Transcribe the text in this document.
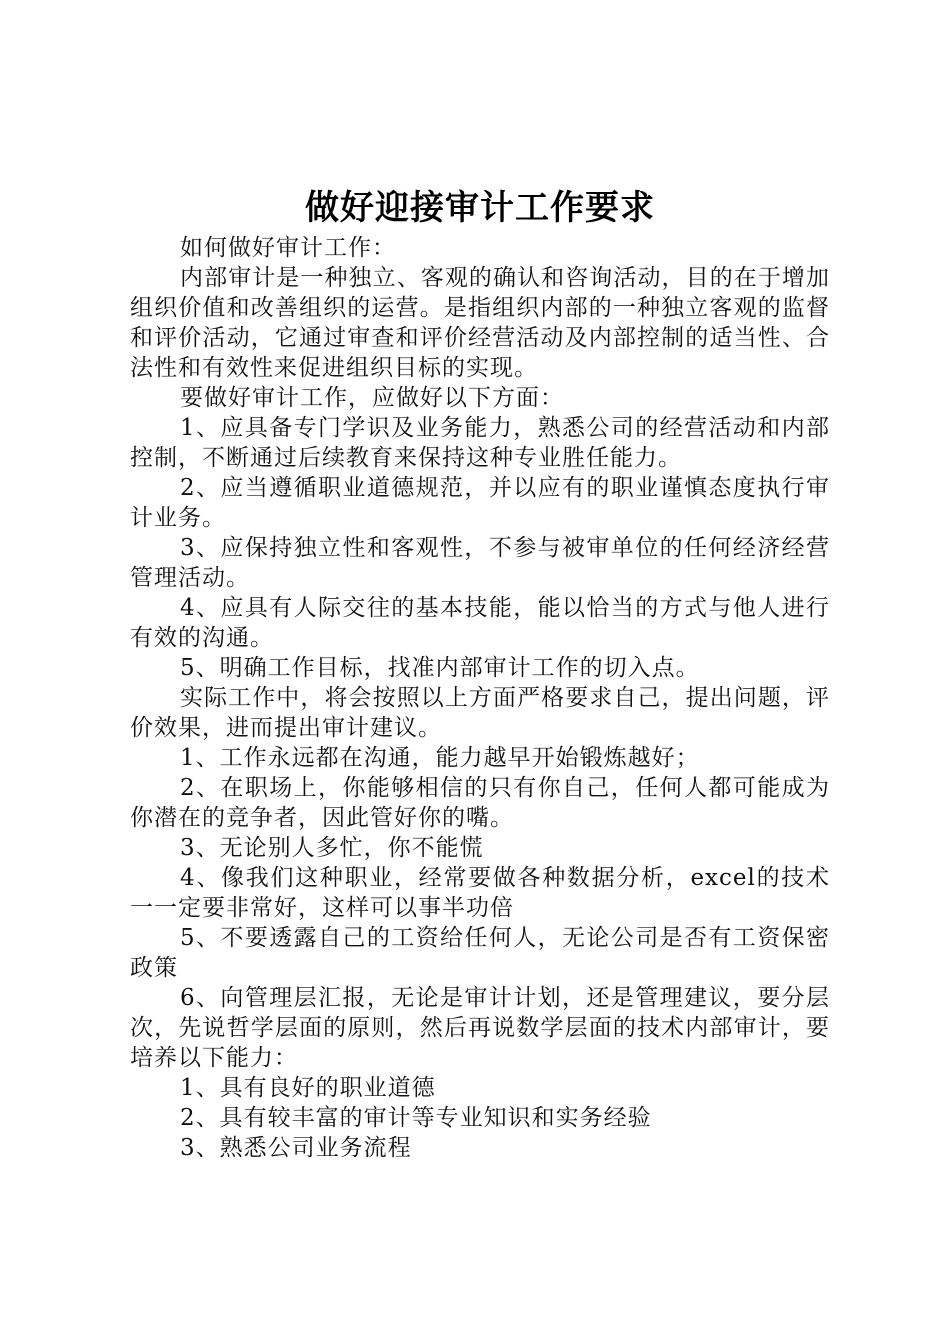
做好迎接审计工作要求

如何做好审计工作：

内部审计是一种独立、客观的确认和咨询活动，目的在于增加组织价值和改善组织的运营。是指组织内部的一种独立客观的监督和评价活动，它通过审查和评价经营活动及内部控制的适当性、合法性和有效性来促进组织目标的实现。

要做好审计工作，应做好以下方面：

1、应具备专门学识及业务能力，熟悉公司的经营活动和内部控制，不断通过后续教育来保持这种专业胜任能力。

2、应当遵循职业道德规范，并以应有的职业谨慎态度执行审计业务。

3、应保持独立性和客观性，不参与被审单位的任何经济经营管理活动。

4、应具有人际交往的基本技能，能以恰当的方式与他人进行有效的沟通。

5、明确工作目标，找准内部审计工作的切入点。

实际工作中，将会按照以上方面严格要求自己，提出问题，评价效果，进而提出审计建议。

1、工作永远都在沟通，能力越早开始锻炼越好；

2、在职场上，你能够相信的只有你自己，任何人都可能成为你潜在的竞争者，因此管好你的嘴。

3、无论别人多忙，你不能慌

4、像我们这种职业，经常要做各种数据分析，excel的技术一一定要非常好，这样可以事半功倍

5、不要透露自己的工资给任何人，无论公司是否有工资保密政策

6、向管理层汇报，无论是审计计划，还是管理建议，要分层次，先说哲学层面的原则，然后再说数学层面的技术内部审计，要培养以下能力：

1、具有良好的职业道德

2、具有较丰富的审计等专业知识和实务经验

3、熟悉公司业务流程
